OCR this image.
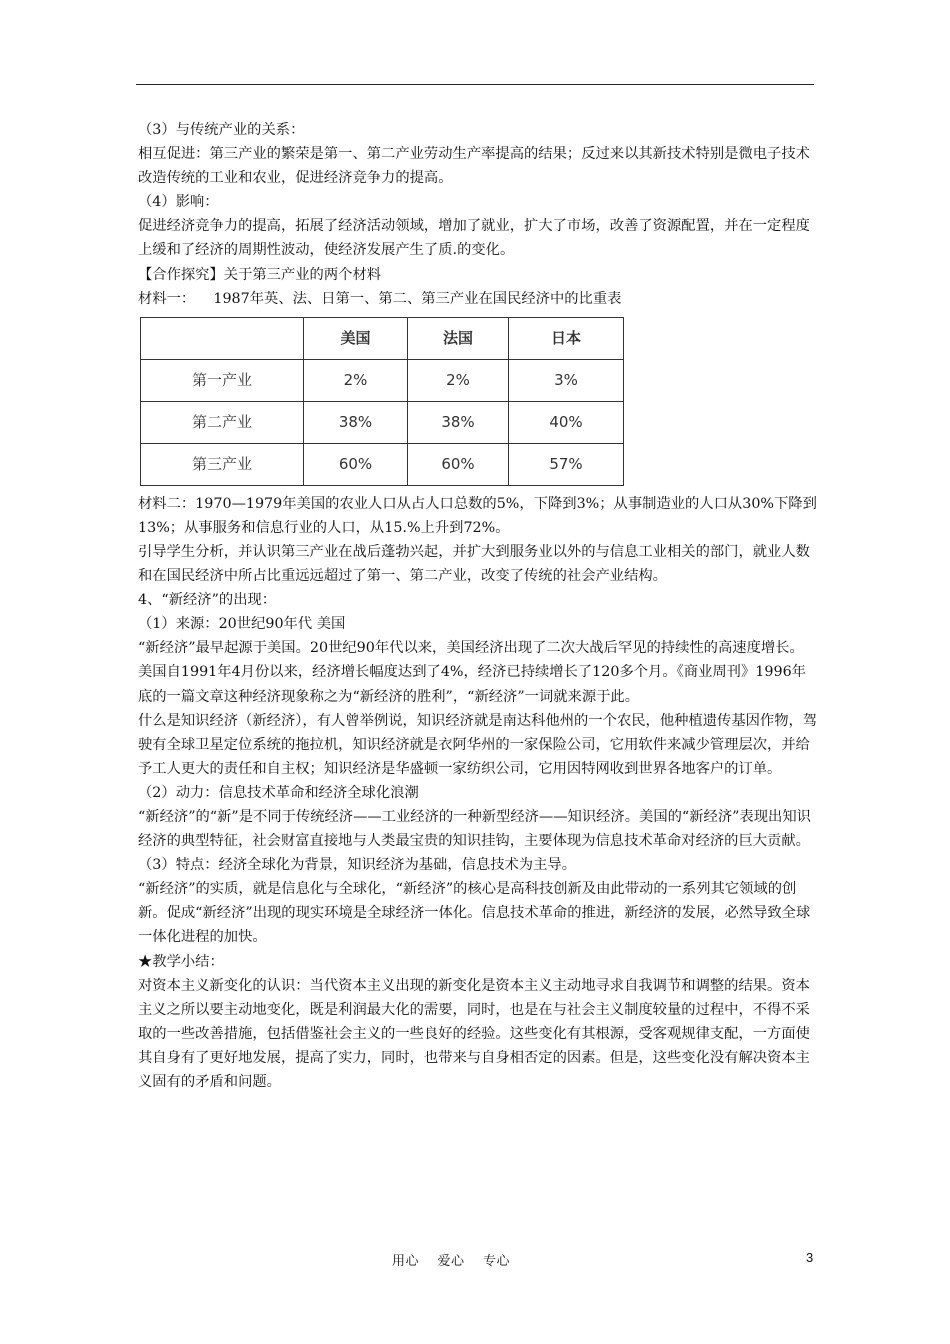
（3）与传统产业的关系：

相互促进：第三产业的繁荣是第一、第二产业劳动生产率提高的结果；反过来以其新技术特别是微电子技术改造传统的工业和农业，促进经济竞争力的提高。

（4）影响：

促进经济竞争力的提高，拓展了经济活动领域，增加了就业，扩大了市场，改善了资源配置，并在一定程度上缓和了经济的周期性波动，使经济发展产生了质.的变化。

【合作探究】关于第三产业的两个材料

材料一：    1987年英、法、日第一、第二、第三产业在国民经济中的比重表

	美国	法国	日本
第一产业	2%	2%	3%
第二产业	38%	38%	40%
第三产业	60%	60%	57%

材料二：1970—1979年美国的农业人口从占人口总数的5%，下降到3%；从事制造业的人口从30%下降到13%；从事服务和信息行业的人口，从15.%上升到72%。

引导学生分析，并认识第三产业在战后蓬勃兴起，并扩大到服务业以外的与信息工业相关的部门，就业人数和在国民经济中所占比重远远超过了第一、第二产业，改变了传统的社会产业结构。

4、“新经济”的出现：

（1）来源：20世纪90年代 美国

“新经济”最早起源于美国。20世纪90年代以来，美国经济出现了二次大战后罕见的持续性的高速度增长。美国自1991年4月份以来，经济增长幅度达到了4%，经济已持续增长了120多个月。《商业周刊》1996年底的一篇文章这种经济现象称之为“新经济的胜利”，“新经济”一词就来源于此。

什么是知识经济（新经济），有人曾举例说，知识经济就是南达科他州的一个农民，他种植遗传基因作物，驾驶有全球卫星定位系统的拖拉机，知识经济就是衣阿华州的一家保险公司，它用软件来减少管理层次，并给予工人更大的责任和自主权；知识经济是华盛顿一家纺织公司，它用因特网收到世界各地客户的订单。

（2）动力：信息技术革命和经济全球化浪潮

“新经济”的“新”是不同于传统经济——工业经济的一种新型经济——知识经济。美国的“新经济”表现出知识经济的典型特征，社会财富直接地与人类最宝贵的知识挂钩，主要体现为信息技术革命对经济的巨大贡献。

（3）特点：经济全球化为背景，知识经济为基础，信息技术为主导。

“新经济”的实质，就是信息化与全球化，“新经济”的核心是高科技创新及由此带动的一系列其它领域的创新。促成“新经济”出现的现实环境是全球经济一体化。信息技术革命的推进，新经济的发展，必然导致全球一体化进程的加快。

★教学小结：

对资本主义新变化的认识：当代资本主义出现的新变化是资本主义主动地寻求自我调节和调整的结果。资本主义之所以要主动地变化，既是利润最大化的需要，同时，也是在与社会主义制度较量的过程中，不得不采取的一些改善措施，包括借鉴社会主义的一些良好的经验。这些变化有其根源，受客观规律支配，一方面使其自身有了更好地发展，提高了实力，同时，也带来与自身相否定的因素。但是，这些变化没有解决资本主义固有的矛盾和问题。

用心    爱心    专心	3
